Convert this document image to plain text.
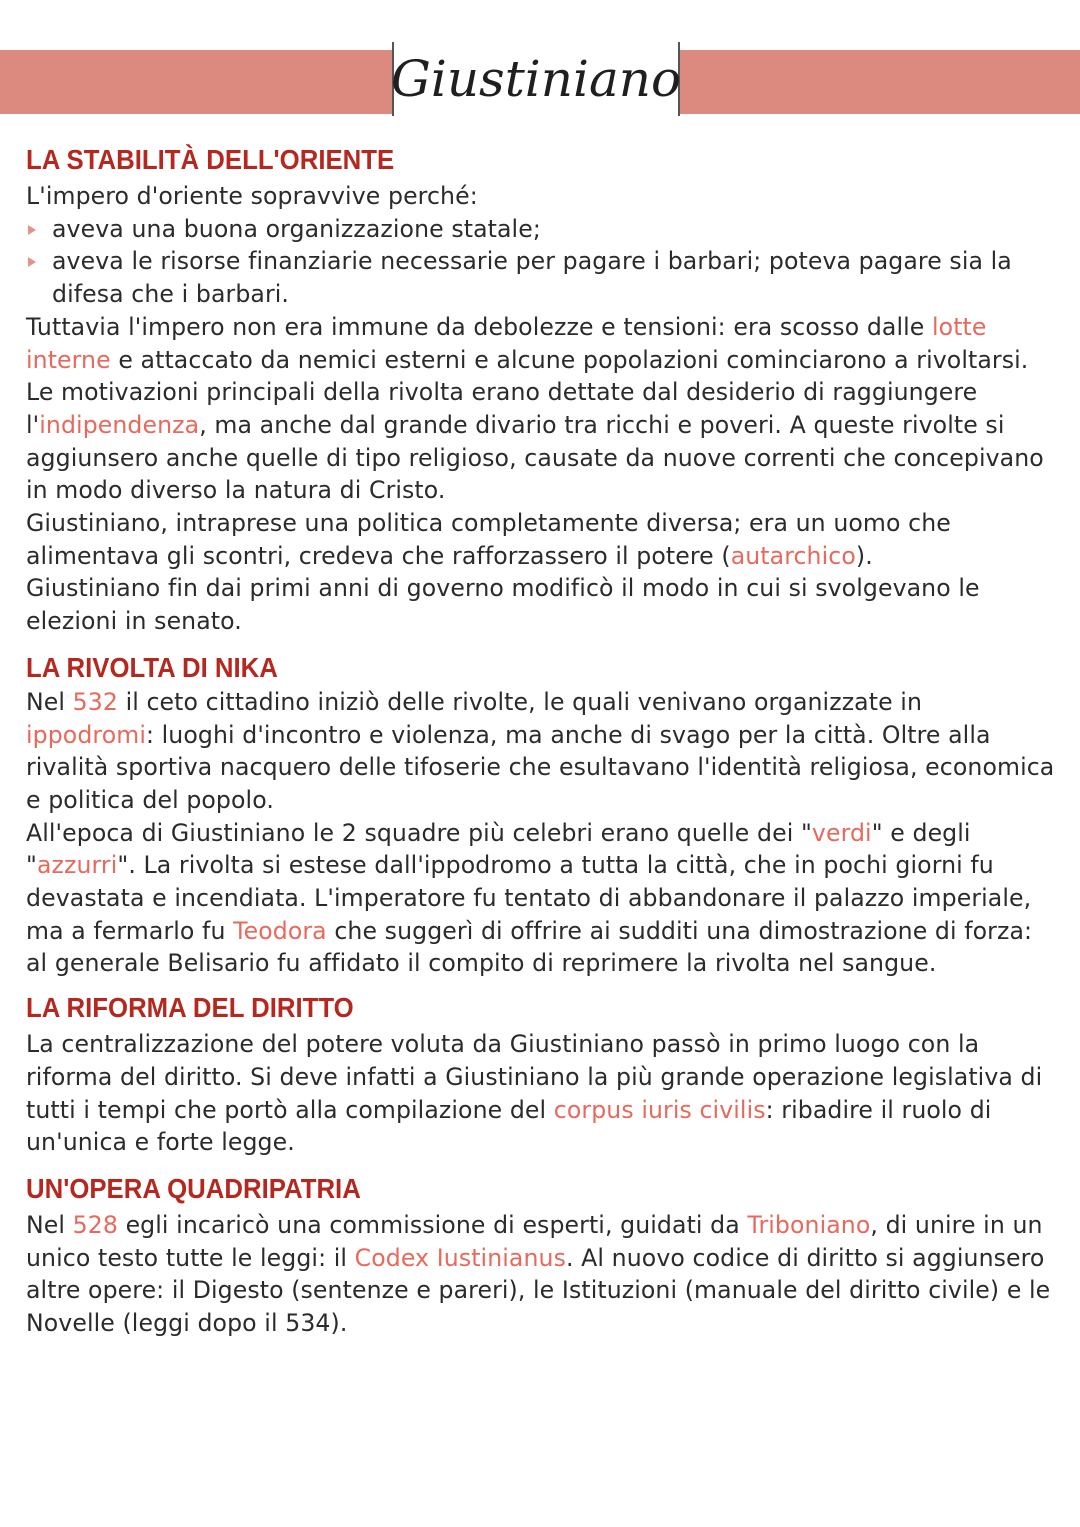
Giustiniano
LA STABILITÀ DELL'ORIENTE

L'impero d'oriente sopravvive perché:

aveva una buona organizzazione statale;
aveva le risorse finanziarie necessarie per pagare i barbari; poteva pagare sia la difesa che i barbari.

Tuttavia l'impero non era immune da debolezze e tensioni: era scosso dalle lotte interne e attaccato da nemici esterni e alcune popolazioni cominciarono a rivoltarsi. Le motivazioni principali della rivolta erano dettate dal desiderio di raggiungere l'indipendenza, ma anche dal grande divario tra ricchi e poveri. A queste rivolte si aggiunsero anche quelle di tipo religioso, causate da nuove correnti che concepivano in modo diverso la natura di Cristo.

Giustiniano, intraprese una politica completamente diversa; era un uomo che alimentava gli scontri, credeva che rafforzassero il potere (autarchico).

Giustiniano fin dai primi anni di governo modificò il modo in cui si svolgevano le elezioni in senato.

LA RIVOLTA DI NIKA

Nel 532 il ceto cittadino iniziò delle rivolte, le quali venivano organizzate in ippodromi: luoghi d'incontro e violenza, ma anche di svago per la città. Oltre alla rivalità sportiva nacquero delle tifoserie che esultavano l'identità religiosa, economica e politica del popolo.

All'epoca di Giustiniano le 2 squadre più celebri erano quelle dei "verdi" e degli "azzurri". La rivolta si estese dall'ippodromo a tutta la città, che in pochi giorni fu devastata e incendiata. L'imperatore fu tentato di abbandonare il palazzo imperiale, ma a fermarlo fu Teodora che suggerì di offrire ai sudditi una dimostrazione di forza: al generale Belisario fu affidato il compito di reprimere la rivolta nel sangue.

LA RIFORMA DEL DIRITTO

La centralizzazione del potere voluta da Giustiniano passò in primo luogo con la riforma del diritto. Si deve infatti a Giustiniano la più grande operazione legislativa di tutti i tempi che portò alla compilazione del corpus iuris civilis: ribadire il ruolo di un'unica e forte legge.

UN'OPERA QUADRIPATRIA

Nel 528 egli incaricò una commissione di esperti, guidati da Triboniano, di unire in un unico testo tutte le leggi: il Codex Iustinianus. Al nuovo codice di diritto si aggiunsero altre opere: il Digesto (sentenze e pareri), le Istituzioni (manuale del diritto civile) e le Novelle (leggi dopo il 534).
